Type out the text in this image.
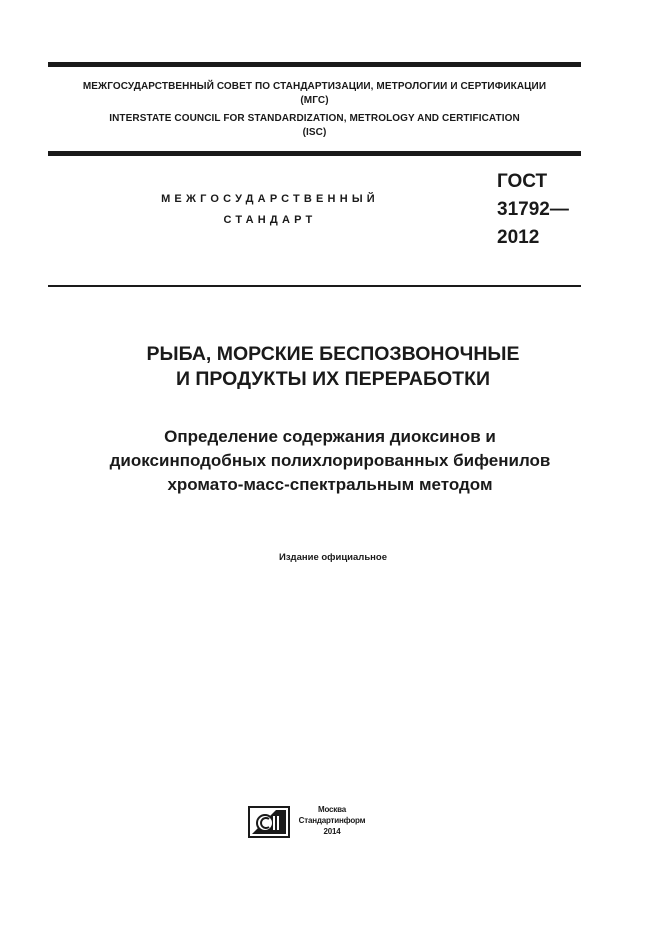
МЕЖГОСУДАРСТВЕННЫЙ СОВЕТ ПО СТАНДАРТИЗАЦИИ, МЕТРОЛОГИИ И СЕРТИФИКАЦИИ
(МГС)
INTERSTATE COUNCIL FOR STANDARDIZATION, METROLOGY AND CERTIFICATION
(ISC)
МЕЖГОСУДАРСТВЕННЫЙ
СТАНДАРТ
ГОСТ
31792—
2012
РЫБА, МОРСКИЕ БЕСПОЗВОНОЧНЫЕ
И ПРОДУКТЫ ИХ ПЕРЕРАБОТКИ
Определение содержания диоксинов и
диоксинподобных полихлорированных бифенилов
хромато-масс-спектральным методом
Издание официальное
Москва
Стандартинформ
2014
